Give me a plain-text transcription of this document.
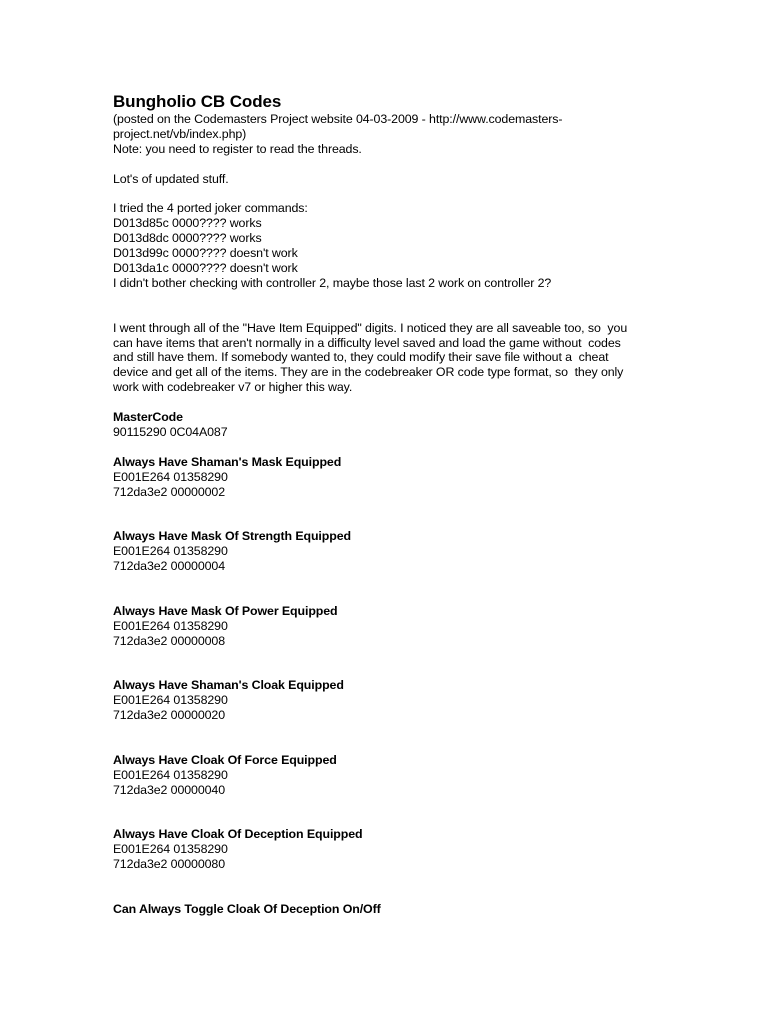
Bungholio CB Codes
(posted on the Codemasters Project website 04-03-2009 - http://www.codemasters-
project.net/vb/index.php)
Note: you need to register to read the threads.
Lot's of updated stuff.
I tried the 4 ported joker commands:
D013d85c 0000???? works
D013d8dc 0000???? works
D013d99c 0000???? doesn't work
D013da1c 0000???? doesn't work
I didn't bother checking with controller 2, maybe those last 2 work on controller 2?
I went through all of the "Have Item Equipped" digits. I noticed they are all saveable too, so  you
can have items that aren't normally in a difficulty level saved and load the game without  codes
and still have them. If somebody wanted to, they could modify their save file without a  cheat
device and get all of the items. They are in the codebreaker OR code type format, so  they only
work with codebreaker v7 or higher this way.
MasterCode
90115290 0C04A087
Always Have Shaman's Mask Equipped
E001E264 01358290
712da3e2 00000002
Always Have Mask Of Strength Equipped
E001E264 01358290
712da3e2 00000004
Always Have Mask Of Power Equipped
E001E264 01358290
712da3e2 00000008
Always Have Shaman's Cloak Equipped
E001E264 01358290
712da3e2 00000020
Always Have Cloak Of Force Equipped
E001E264 01358290
712da3e2 00000040
Always Have Cloak Of Deception Equipped
E001E264 01358290
712da3e2 00000080
Can Always Toggle Cloak Of Deception On/Off
